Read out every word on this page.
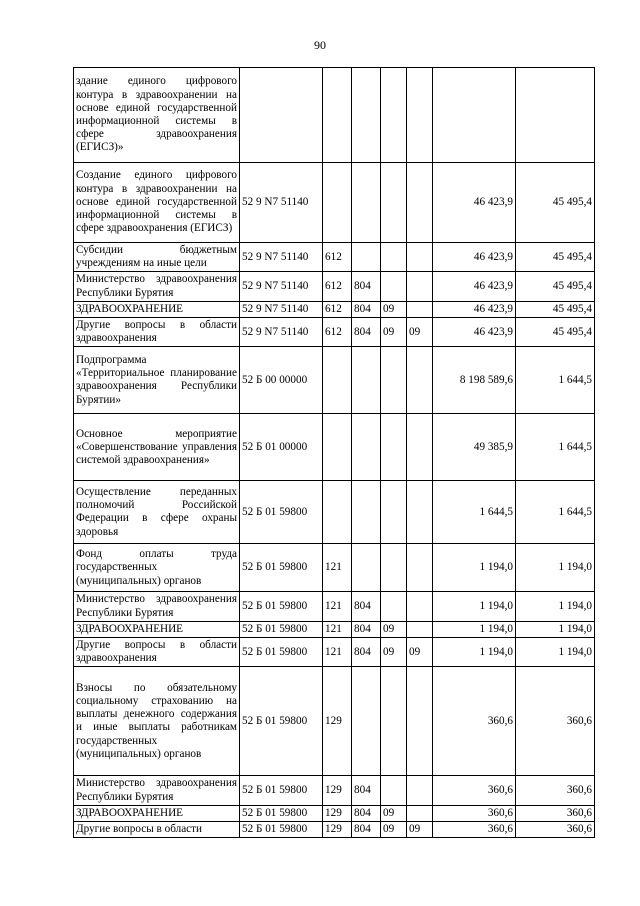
90
здание единого цифрового контура в здравоохранении на основе единой государственной информационной системы в сфере здравоохранения (ЕГИСЗ)»							
Создание единого цифрового контура в здравоохранении на основе единой государственной информационной системы в сфере здравоохранения (ЕГИСЗ)	52 9 N7 51140					46 423,9	45 495,4
Субсидии бюджетным учреждениям на иные цели	52 9 N7 51140	612				46 423,9	45 495,4
Министерство здравоохранения Республики Бурятия	52 9 N7 51140	612	804			46 423,9	45 495,4
ЗДРАВООХРАНЕНИЕ	52 9 N7 51140	612	804	09		46 423,9	45 495,4
Другие вопросы в области здравоохранения	52 9 N7 51140	612	804	09	09	46 423,9	45 495,4
Подпрограмма «Территориальное планирование здравоохранения Республики Бурятии»	52 Б 00 00000					8 198 589,6	1 644,5
Основное мероприятие «Совершенствование управления системой здравоохранения»	52 Б 01 00000					49 385,9	1 644,5
Осуществление переданных полномочий Российской Федерации в сфере охраны здоровья	52 Б 01 59800					1 644,5	1 644,5
Фонд оплаты труда государственных (муниципальных) органов	52 Б 01 59800	121				1 194,0	1 194,0
Министерство здравоохранения Республики Бурятия	52 Б 01 59800	121	804			1 194,0	1 194,0
ЗДРАВООХРАНЕНИЕ	52 Б 01 59800	121	804	09		1 194,0	1 194,0
Другие вопросы в области здравоохранения	52 Б 01 59800	121	804	09	09	1 194,0	1 194,0
Взносы по обязательному социальному страхованию на выплаты денежного содержания и иные выплаты работникам государственных (муниципальных) органов	52 Б 01 59800	129				360,6	360,6
Министерство здравоохранения Республики Бурятия	52 Б 01 59800	129	804			360,6	360,6
ЗДРАВООХРАНЕНИЕ	52 Б 01 59800	129	804	09		360,6	360,6
Другие вопросы в области	52 Б 01 59800	129	804	09	09	360,6	360,6
